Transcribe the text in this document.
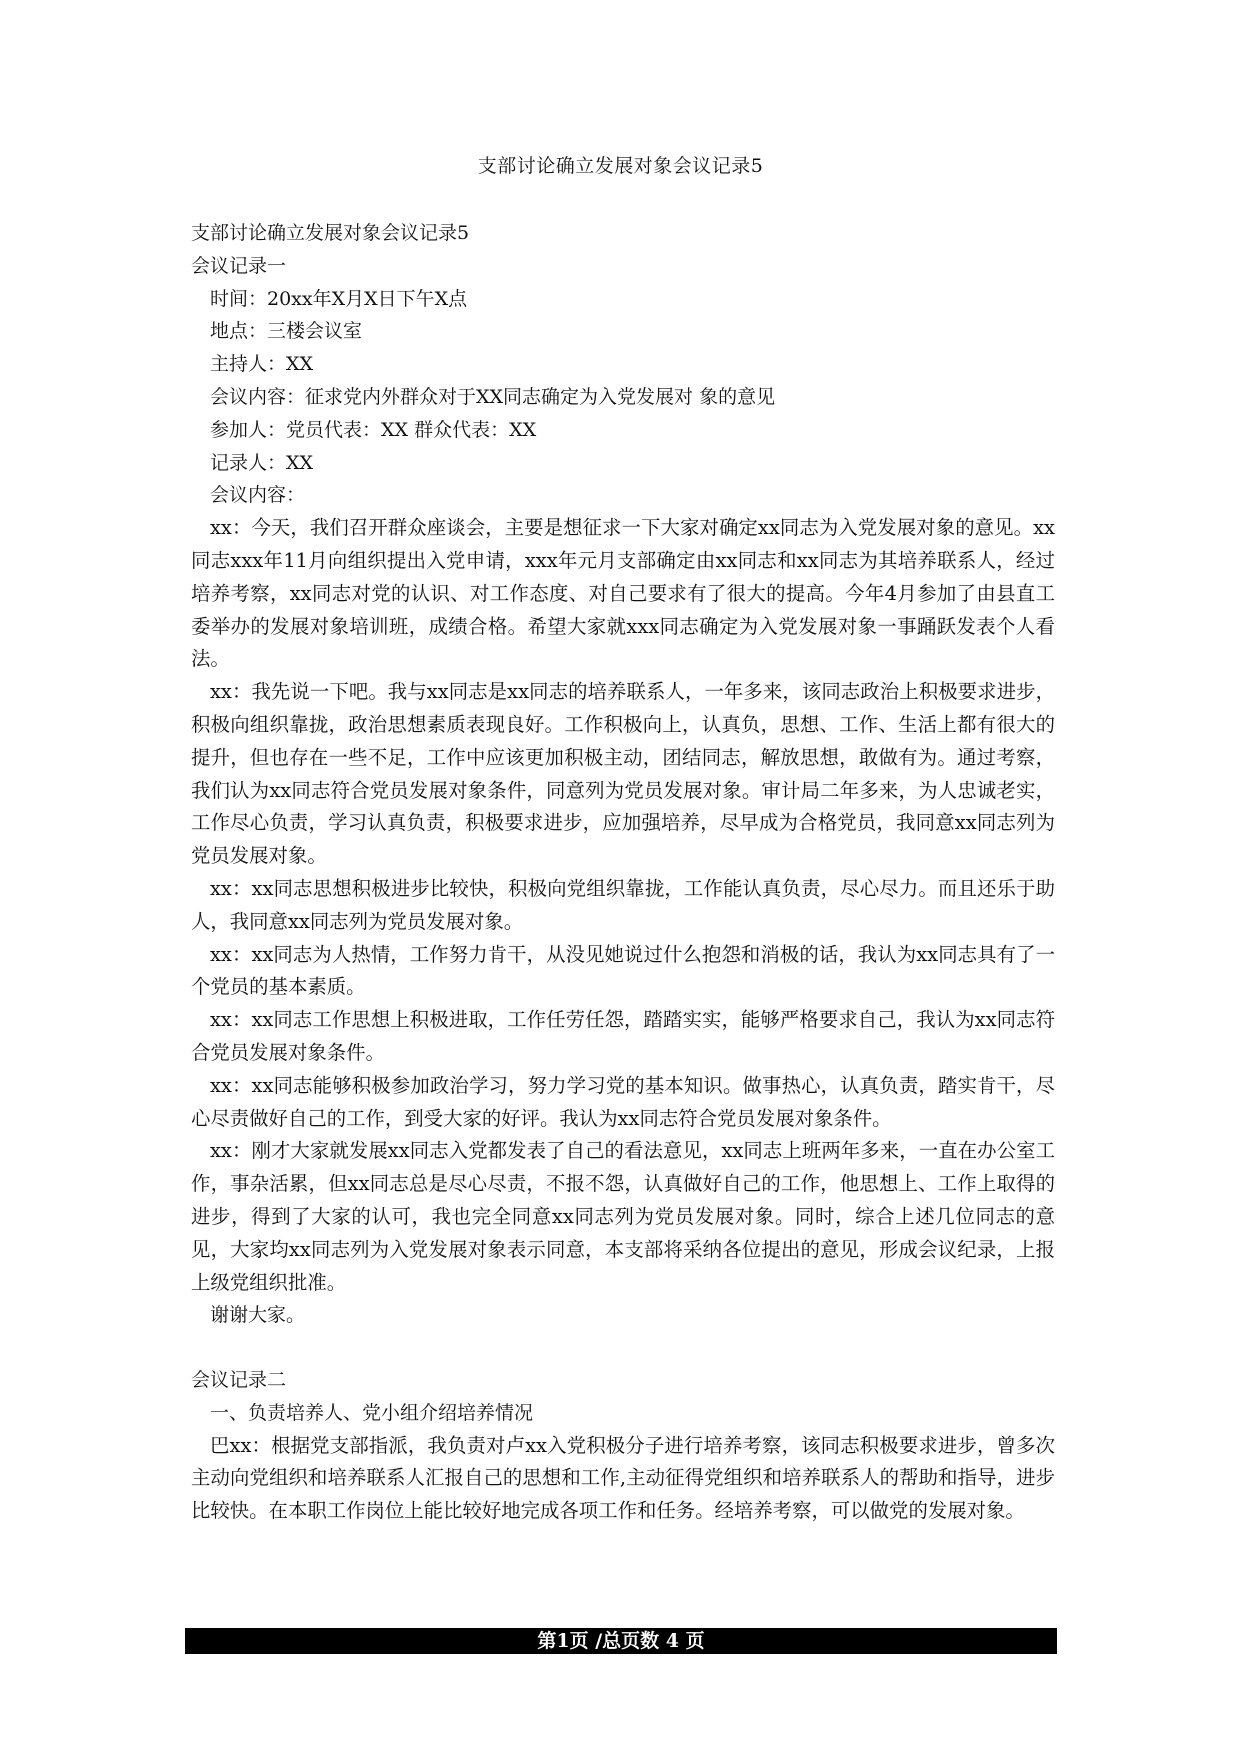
支部讨论确立发展对象会议记录5
支部讨论确立发展对象会议记录5
会议记录一
时间：20xx年X月X日下午X点
地点：三楼会议室
主持人：XX
会议内容：征求党内外群众对于XX同志确定为入党发展对 象的意见
参加人：党员代表：XX 群众代表：XX
记录人：XX
会议内容：

xx：今天，我们召开群众座谈会，主要是想征求一下大家对确定xx同志为入党发展对象的意见。xx同志xxx年11月向组织提出入党申请，xxx年元月支部确定由xx同志和xx同志为其培养联系人，经过培养考察，xx同志对党的认识、对工作态度、对自己要求有了很大的提高。今年4月参加了由县直工委举办的发展对象培训班，成绩合格。希望大家就xxx同志确定为入党发展对象一事踊跃发表个人看法。

xx：我先说一下吧。我与xx同志是xx同志的培养联系人，一年多来，该同志政治上积极要求进步，积极向组织靠拢，政治思想素质表现良好。工作积极向上，认真负，思想、工作、生活上都有很大的提升，但也存在一些不足，工作中应该更加积极主动，团结同志，解放思想，敢做有为。通过考察，我们认为xx同志符合党员发展对象条件，同意列为党员发展对象。审计局二年多来，为人忠诚老实，工作尽心负责，学习认真负责，积极要求进步，应加强培养，尽早成为合格党员，我同意xx同志列为党员发展对象。

xx：xx同志思想积极进步比较快，积极向党组织靠拢，工作能认真负责，尽心尽力。而且还乐于助人，我同意xx同志列为党员发展对象。

xx：xx同志为人热情，工作努力肯干，从没见她说过什么抱怨和消极的话，我认为xx同志具有了一个党员的基本素质。

xx：xx同志工作思想上积极进取，工作任劳任怨，踏踏实实，能够严格要求自己，我认为xx同志符合党员发展对象条件。

xx：xx同志能够积极参加政治学习，努力学习党的基本知识。做事热心，认真负责，踏实肯干，尽心尽责做好自己的工作，到受大家的好评。我认为xx同志符合党员发展对象条件。

xx：刚才大家就发展xx同志入党都发表了自己的看法意见，xx同志上班两年多来，一直在办公室工作，事杂活累，但xx同志总是尽心尽责，不报不怨，认真做好自己的工作，他思想上、工作上取得的进步，得到了大家的认可，我也完全同意xx同志列为党员发展对象。同时，综合上述几位同志的意见，大家均xx同志列为入党发展对象表示同意，本支部将采纳各位提出的意见，形成会议纪录，上报上级党组织批准。

谢谢大家。
会议记录二
一、负责培养人、党小组介绍培养情况

巴xx：根据党支部指派，我负责对卢xx入党积极分子进行培养考察，该同志积极要求进步，曾多次主动向党组织和培养联系人汇报自己的思想和工作,主动征得党组织和培养联系人的帮助和指导，进步比较快。在本职工作岗位上能比较好地完成各项工作和任务。经培养考察，可以做党的发展对象。

第1页 /总页数 4 页
